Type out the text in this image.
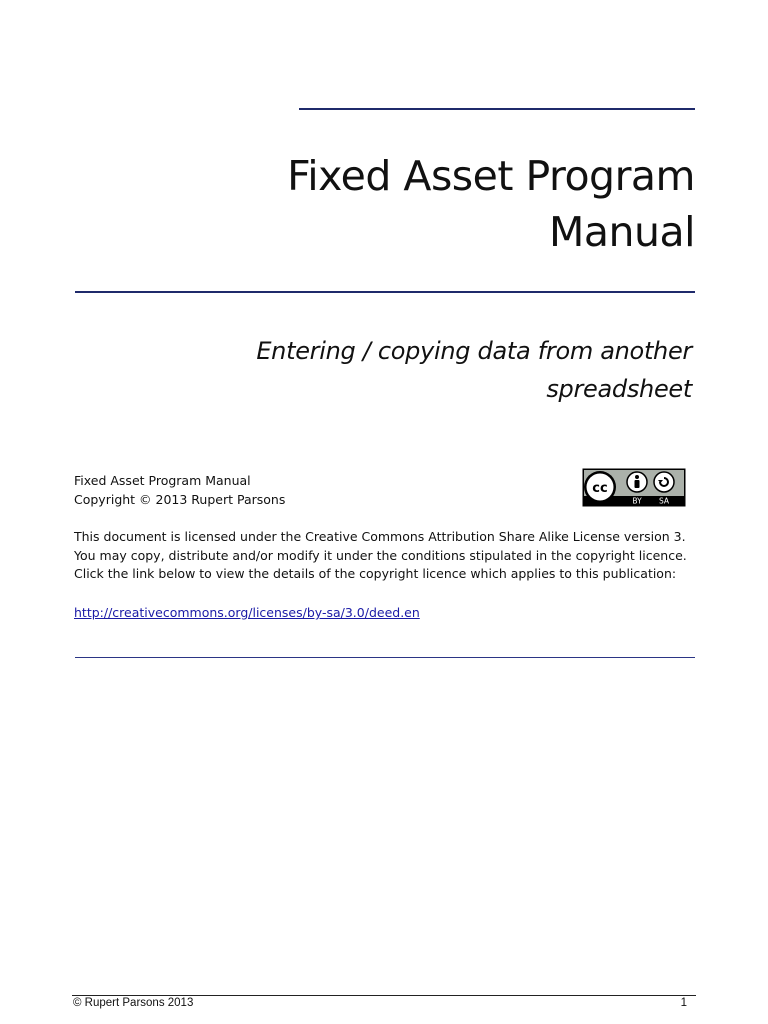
Fixed Asset Program
Manual
Entering / copying data from another
spreadsheet
Fixed Asset Program Manual
Copyright © 2013 Rupert Parsons
cc
BY SA
This document is licensed under the Creative Commons Attribution Share Alike License version 3.
You may copy, distribute and/or modify it under the conditions stipulated in the copyright licence.
Click the link below to view the details of the copyright licence which applies to this publication:
http://creativecommons.org/licenses/by-sa/3.0/deed.en
© Rupert Parsons 2013	1
